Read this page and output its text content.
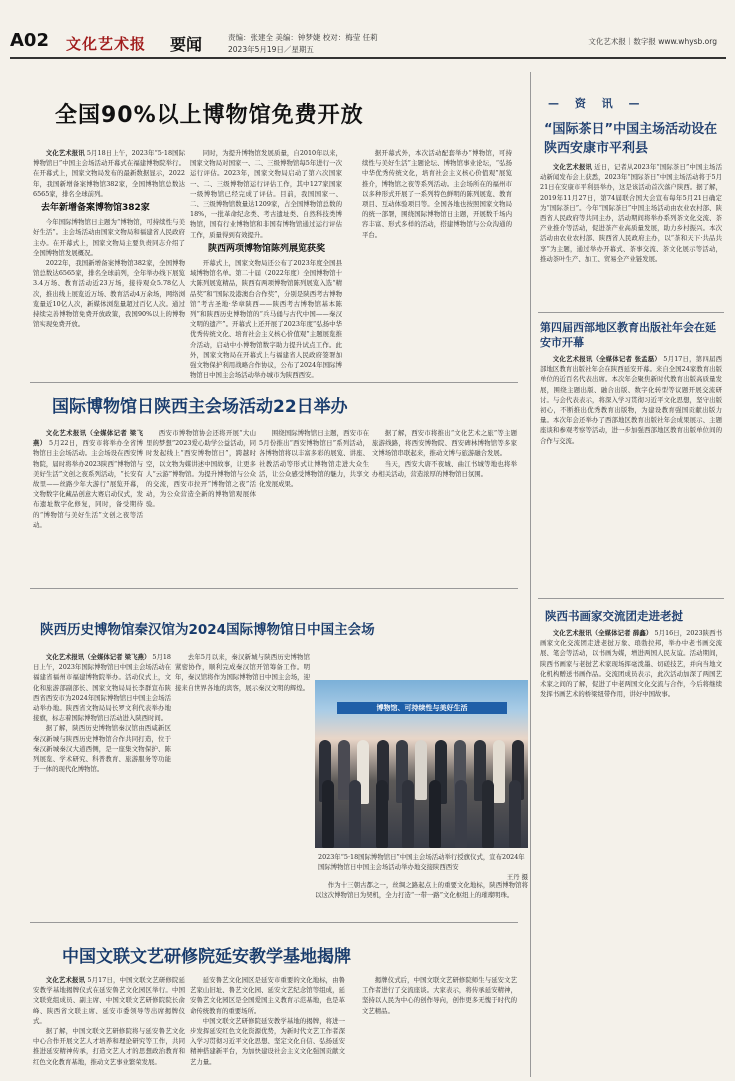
A02 文化艺术报 要闻	责编：张建全 美编：钟梦婕 校对：梅莹 任莉
2023年5月19日／星期五
文化艺术报｜数字报 www.whysb.org
全国90%以上博物馆免费开放

文化艺术报讯 5月18日上午，2023年“5·18国际博物馆日”中国主会场活动开幕式在福建博物院举行。在开幕式上，国家文物局发布的最新数据显示，2022年，我国新增备案博物馆382家，全国博物馆总数达6565家，排名全球前列。

去年新增备案博物馆382家

今年国际博物馆日主题为“博物馆，可持续性与美好生活”。主会场活动由国家文物局和福建省人民政府主办。在开幕式上，国家文物局主要负责同志介绍了全国博物馆发展概况。

2022年，我国新增备案博物馆382家，全国博物馆总数达6565家，排名全球前列，全年举办线下展览3.4万场、教育活动近23万场，接待观众5.78亿人次，推出线上展览近万场、教育活动4万余场，网络浏览量近10亿人次，新媒体浏览量超过百亿人次。通过持续完善博物馆免费开放政策，我国90%以上的博物馆实现免费开放。

同时，为提升博物馆发展质量，自2010年以来，国家文物局对国家一、二、三级博物馆每5年进行一次运行评估。2023年，国家文物局启动了第六次国家一、二、三级博物馆运行评估工作，其中127家国家一级博物馆已经完成了评估。目前，我国国家一、二、三级博物馆数量达1209家，占全国博物馆总数的18%，一批革命纪念类、考古遗址类、自然科技类博物馆，国有行业博物馆和非国有博物馆通过运行评估工作，质量得到有效提升。

陕西两项博物馆陈列展览获奖

开幕式上，国家文物局还公布了2023年度全国县域博物馆名单。第二十届（2022年度）全国博物馆十大陈列展览精品，陕西有两项博物馆陈列展览入选“精品奖”和“国际及港澳台合作奖”，分别是陕西考古博物馆“考古圣地·华章陕西——陕西考古博物馆基本陈列”和陕西历史博物馆的“兵马俑与古代中国——秦汉文明的遗产”。开幕式上还开展了2023年度“弘扬中华优秀传统文化、培育社会主义核心价值观”主题展览推介活动，启动中小博物馆数字助力提升试点工作。此外，国家文物局在开幕式上与福建省人民政府签署加强文物保护利用战略合作协议，公布了2024年国际博物馆日中国主会场活动举办城市为陕西西安。

据开幕式外，本次活动配套举办“博物馆，可持续性与美好生活”主题论坛、博物馆事业论坛，“弘扬中华优秀传统文化，培育社会主义核心价值观”展览推介，博物馆之夜等系列活动。主会场所在的福州市以多种形式开展了一系列特色鲜明的陈列展览、教育项目、互动体验项目等。全国各地也按照国家文物局的统一部署，围绕国际博物馆日主题，开展数千场内容丰富、形式多样的活动，搭建博物馆与公众沟通的平台。

国际博物馆日陕西主会场活动22日举办

文化艺术报讯（全媒体记者 梁飞燕） 5月22日，西安市将举办全省博物馆日主会场活动。主会场设在西安博物院，届时将举办2023陕西“博物馆与美好生活”文创之夜系列活动，“长安有故里——丝路少年大游行”展览开幕，文物数字化藏品创意大赛启动仪式，发布遗址数字化修复，同时，备受期待的“博物馆与美好生活”文创之夜等活动。

西安市博物馆协会还将开展“大山里的梦想”2023爱心助学公益活动，同时发起线上“西安博物馆日”，跨越时空，以文物为媒讲述中国故事，让更多人“云游”博物馆。为提升博物馆与公众的交流，西安市拉开“博物馆之夜”活动，为公众营造全新的博物馆观展体验。

围绕国际博物馆日主题，西安市在5月份推出“西安博物馆日”系列活动，各博物馆将以丰富多彩的展览、讲座、社教活动等形式让博物馆走进大众生活，让公众感受博物馆的魅力，共享文化发展成果。

据了解，西安市将推出“文化艺术之旅”等主题旅游线路，将西安博物院、西安碑林博物馆等多家文博场馆串联起来，推动文博与旅游融合发展。

当天，西安大唐不夜城、曲江书城等地也将举办相关活动，营造浓厚的博物馆日氛围。

陕西历史博物馆秦汉馆为2024国际博物馆日中国主会场

文化艺术报讯（全媒体记者 梁飞燕） 5月18日上午，2023年国际博物馆日中国主会场活动在福建省福州市福建博物院举办。活动仪式上，文化和旅游部副部长、国家文物局局长李群宣布陕西省西安市为2024年国际博物馆日中国主会场活动举办地。陕西省文物局局长罗文利代表举办地接旗，标志着国际博物馆日活动进入陕西时间。

据了解，陕西历史博物馆秦汉馆由西咸新区秦汉新城与陕西历史博物馆合作共同打造，位于秦汉新城秦汉大道西侧，是一座集文物保护、陈列展览、学术研究、科普教育、旅游服务等功能于一体的现代化博物馆。

去年5月以来，秦汉新城与陕西历史博物馆紧密协作，顺利完成秦汉馆开馆筹备工作。明年，秦汉馆将作为国际博物馆日中国主会场，迎接来自世界各地的宾客，展示秦汉文明的辉煌。

博物馆、可持续性与美好生活
2023年“5·18国际博物馆日”中国主会场活动举行授旗仪式，宣布2024年国际博物馆日中国主会场活动举办地交接陕西西安
王丹 摄

作为十三朝古都之一，丝绸之路起点上的重要文化地标，陕西博物馆将以这次博物馆日为契机，全力打造“一带一路”文化枢纽上的璀璨明珠。

中国文联文艺研修院延安教学基地揭牌

文化艺术报讯 5月17日，中国文联文艺研修院延安教学基地揭牌仪式在延安鲁艺文化园区举行。中国文联党组成员、副主席、中国文联文艺研修院院长俞峰、陕西省文联主席、延安市委领导等出席揭牌仪式。

据了解，中国文联文艺研修院将与延安鲁艺文化中心合作开展文艺人才培养和理论研究等工作，共同推进延安精神传承，打造文艺人才的思想政治教育和红色文化教育基地，推动文艺事业繁荣发展。

延安鲁艺文化园区是延安市重要的文化地标，由鲁艺家山旧址、鲁艺文化园、延安文艺纪念馆等组成，延安鲁艺文化园区是全国爱国主义教育示范基地，也是革命传统教育的重要场所。

中国文联文艺研修院延安教学基地的揭牌，将进一步发挥延安红色文化资源优势，为新时代文艺工作者深入学习贯彻习近平文化思想、坚定文化自信、弘扬延安精神搭建新平台，为加快建设社会主义文化强国贡献文艺力量。

揭牌仪式后，中国文联文艺研修院师生与延安文艺工作者进行了交流座谈。大家表示，将传承延安精神，坚持以人民为中心的创作导向，创作更多无愧于时代的文艺精品。

— 资 讯 —
“国际茶日”中国主场活动设在陕西安康市平利县

文化艺术报讯 近日，记者从2023年“国际茶日”中国主场活动新闻发布会上获悉，2023年“国际茶日”中国主场活动将于5月21日在安康市平利县举办，这是该活动首次落户陕西。据了解，2019年11月27日，第74届联合国大会宣布每年5月21日确定为“国际茶日”。今年“国际茶日”中国主场活动由农业农村部、陕西省人民政府等共同主办，活动期间将举办系列茶文化交流、茶产业推介等活动，促进茶产业高质量发展，助力乡村振兴。本次活动由农业农村部、陕西省人民政府主办，以“茶和天下·共品共享”为主题，通过举办开幕式、茶事交流、茶文化展示等活动，推动茶叶生产、加工、贸易全产业链发展。

第四届西部地区教育出版社年会在延安市开幕

文化艺术报讯（全媒体记者 张孟磊） 5月17日，第四届西部地区教育出版社年会在陕西延安开幕。来自全国24家教育出版单位的近百名代表出席。本次年会聚焦新时代教育出版高质量发展，围绕主题出版、融合出版、数字化转型等议题开展交流研讨。与会代表表示，将深入学习贯彻习近平文化思想，坚守出版初心，不断推出优秀教育出版物，为建设教育强国贡献出版力量。本次年会还举办了西部地区教育出版社年会成果展示、主题座谈和参观考察等活动，进一步加强西部地区教育出版单位间的合作与交流。

陕西书画家交流团走进老挝

文化艺术报讯（全媒体记者 薛鑫） 5月16日，2023陕西书画家文化交流团走进老挝万象、琅勃拉邦，举办中老书画交流展、笔会等活动，以书画为媒，增进两国人民友谊。活动期间，陕西书画家与老挝艺术家现场挥毫泼墨、切磋技艺，并向当地文化机构赠送书画作品。交流团成员表示，此次活动加深了两国艺术家之间的了解，促进了中老两国文化交流与合作，今后将继续发挥书画艺术的桥梁纽带作用，讲好中国故事。
